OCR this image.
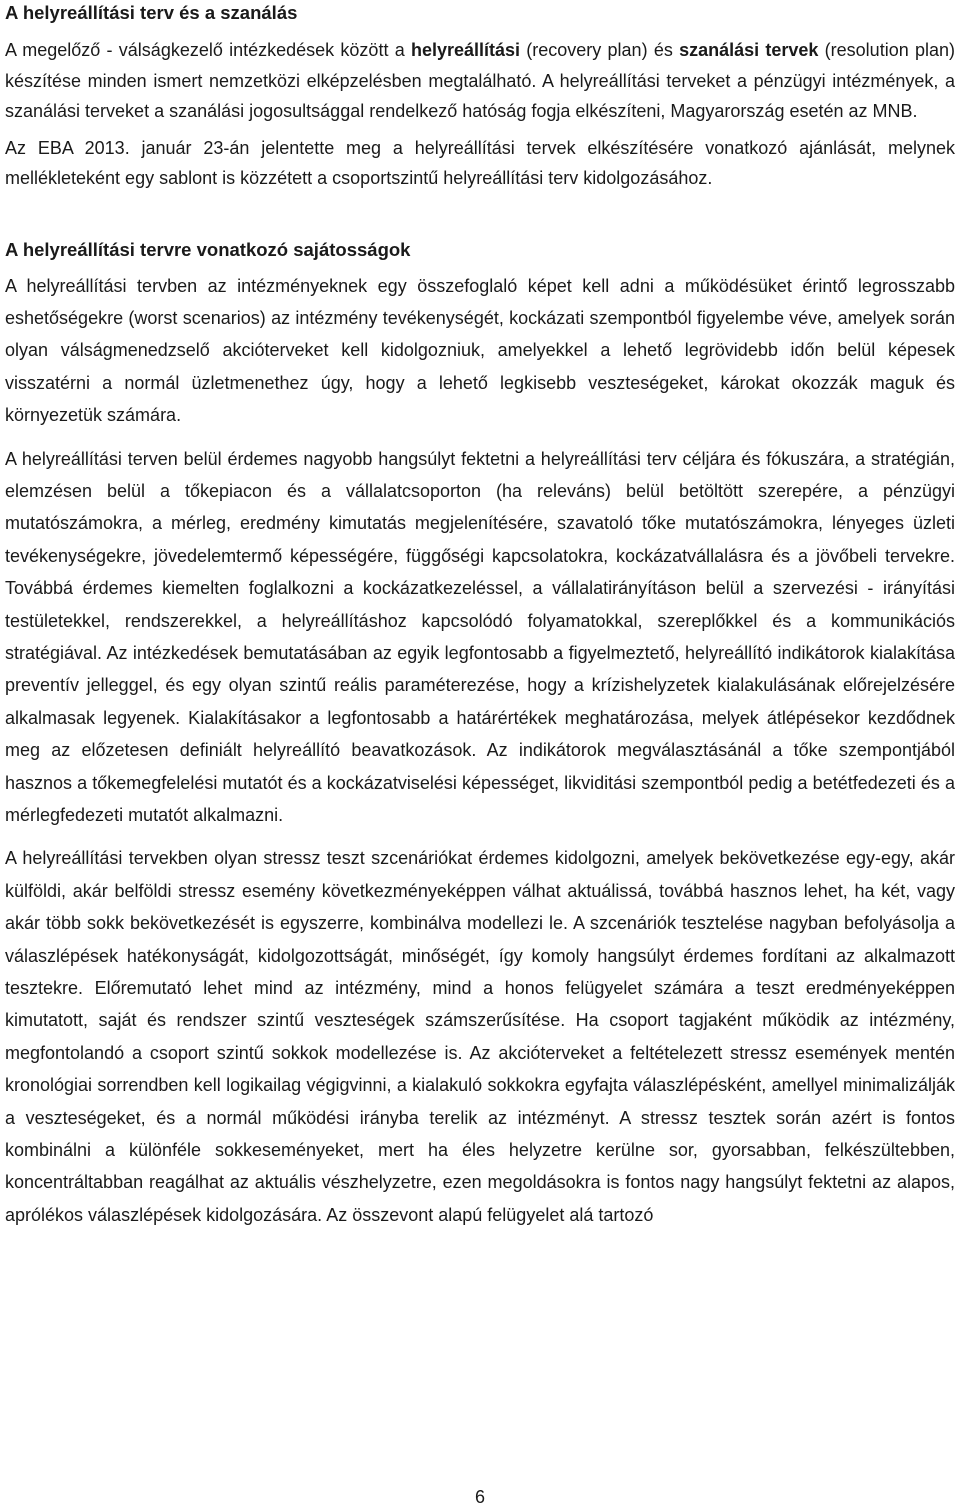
A helyreállítási terv és a szanálás

A megelőző - válságkezelő intézkedések között a helyreállítási (recovery plan) és szanálási tervek (resolution plan) készítése minden ismert nemzetközi elképzelésben megtalálható. A helyreállítási terveket a pénzügyi intézmények, a szanálási terveket a szanálási jogosultsággal rendelkező hatóság fogja elkészíteni, Magyarország esetén az MNB.

Az EBA 2013. január 23-án jelentette meg a helyreállítási tervek elkészítésére vonatkozó ajánlását, melynek mellékleteként egy sablont is közzétett a csoportszintű helyreállítási terv kidolgozásához.

A helyreállítási tervre vonatkozó sajátosságok

A helyreállítási tervben az intézményeknek egy összefoglaló képet kell adni a működésüket érintő legrosszabb eshetőségekre (worst scenarios) az intézmény tevékenységét, kockázati szempontból figyelembe véve, amelyek során olyan válságmenedzselő akcióterveket kell kidolgozniuk, amelyekkel a lehető legrövidebb időn belül képesek visszatérni a normál üzletmenethez úgy, hogy a lehető legkisebb veszteségeket, károkat okozzák maguk és környezetük számára.

A helyreállítási terven belül érdemes nagyobb hangsúlyt fektetni a helyreállítási terv céljára és fókuszára, a stratégián, elemzésen belül a tőkepiacon és a vállalatcsoporton (ha releváns) belül betöltött szerepére, a pénzügyi mutatószámokra, a mérleg, eredmény kimutatás megjelenítésére, szavatoló tőke mutatószámokra, lényeges üzleti tevékenységekre, jövedelemtermő képességére, függőségi kapcsolatokra, kockázatvállalásra és a jövőbeli tervekre. Továbbá érdemes kiemelten foglalkozni a kockázatkezeléssel, a vállalatirányításon belül a szervezési - irányítási testületekkel, rendszerekkel, a helyreállításhoz kapcsolódó folyamatokkal, szereplőkkel és a kommunikációs stratégiával. Az intézkedések bemutatásában az egyik legfontosabb a figyelmeztető, helyreállító indikátorok kialakítása preventív jelleggel, és egy olyan szintű reális paraméterezése, hogy a krízishelyzetek kialakulásának előrejelzésére alkalmasak legyenek. Kialakításakor a legfontosabb a határértékek meghatározása, melyek átlépésekor kezdődnek meg az előzetesen definiált helyreállító beavatkozások. Az indikátorok megválasztásánál a tőke szempontjából hasznos a tőkemegfelelési mutatót és a kockázatviselési képességet, likviditási szempontból pedig a betétfedezeti és a mérlegfedezeti mutatót alkalmazni.

A helyreállítási tervekben olyan stressz teszt szcenáriókat érdemes kidolgozni, amelyek bekövetkezése egy-egy, akár külföldi, akár belföldi stressz esemény következményeképpen válhat aktuálissá, továbbá hasznos lehet, ha két, vagy akár több sokk bekövetkezését is egyszerre, kombinálva modellezi le. A szcenáriók tesztelése nagyban befolyásolja a válaszlépések hatékonyságát, kidolgozottságát, minőségét, így komoly hangsúlyt érdemes fordítani az alkalmazott tesztekre. Előremutató lehet mind az intézmény, mind a honos felügyelet számára a teszt eredményeképpen kimutatott, saját és rendszer szintű veszteségek számszerűsítése. Ha csoport tagjaként működik az intézmény, megfontolandó a csoport szintű sokkok modellezése is. Az akcióterveket a feltételezett stressz események mentén kronológiai sorrendben kell logikailag végigvinni, a kialakuló sokkokra egyfajta válaszlépésként, amellyel minimalizálják a veszteségeket, és a normál működési irányba terelik az intézményt. A stressz tesztek során azért is fontos kombinálni a különféle sokkeseményeket, mert ha éles helyzetre kerülne sor, gyorsabban, felkészültebben, koncentráltabban reagálhat az aktuális vészhelyzetre, ezen megoldásokra is fontos nagy hangsúlyt fektetni az alapos, aprólékos válaszlépések kidolgozására. Az összevont alapú felügyelet alá tartozó

6
